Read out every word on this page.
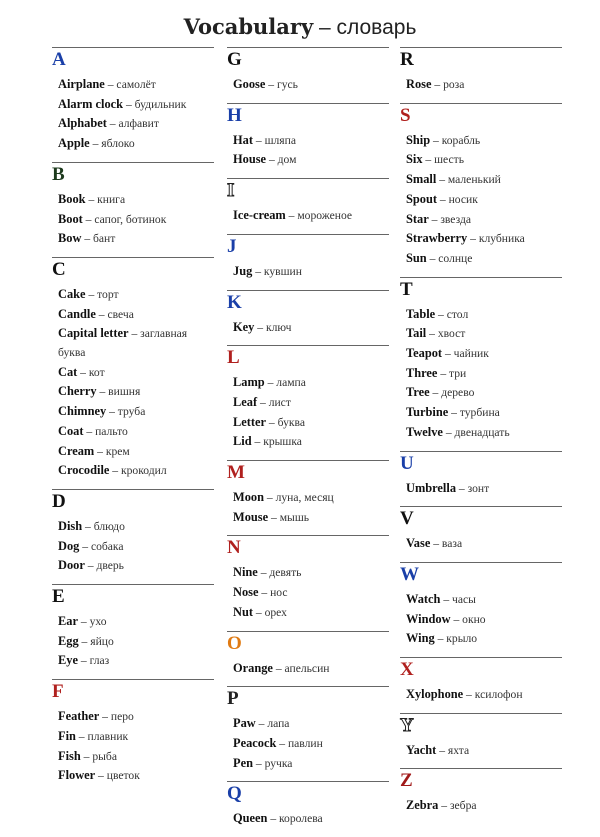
Vocabulary – словарь
A
Airplane – самолёт
Alarm clock – будильник
Alphabet – алфавит
Apple – яблоко
B
Book – книга
Boot – сапог, ботинок
Bow – бант
C
Cake – торт
Candle – свеча
Capital letter – заглавная буква
Cat – кот
Cherry – вишня
Chimney – труба
Coat – пальто
Cream – крем
Crocodile – крокодил
D
Dish – блюдо
Dog – собака
Door – дверь
E
Ear – ухо
Egg – яйцо
Eye – глаз
F
Feather – перо
Fin – плавник
Fish – рыба
Flower – цветок
G
Goose – гусь
H
Hat – шляпа
House – дом
I
Ice-cream – мороженое
J
Jug – кувшин
K
Key – ключ
L
Lamp – лампа
Leaf – лист
Letter – буква
Lid – крышка
M
Moon – луна, месяц
Mouse – мышь
N
Nine – девять
Nose – нос
Nut – орех
O
Orange – апельсин
P
Paw – лапа
Peacock – павлин
Pen – ручка
Q
Queen – королева
R
Rose – роза
S
Ship – корабль
Six – шесть
Small – маленький
Spout – носик
Star – звезда
Strawberry – клубника
Sun – солнце
T
Table – стол
Tail – хвост
Teapot – чайник
Three – три
Tree – дерево
Turbine – турбина
Twelve – двенадцать
U
Umbrella – зонт
V
Vase – ваза
W
Watch – часы
Window – окно
Wing – крыло
X
Xylophone – ксилофон
Y
Yacht – яхта
Z
Zebra – зебра
